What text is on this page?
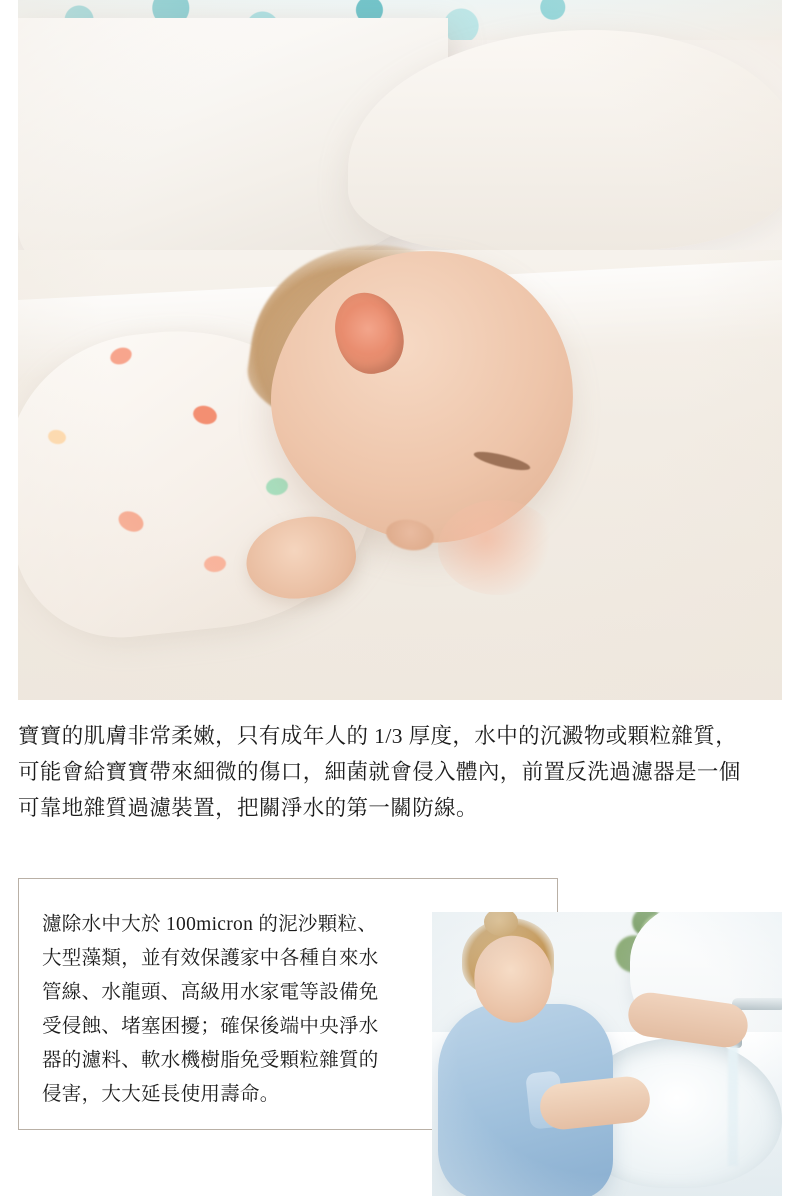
寶寶的肌膚非常柔嫩，只有成年人的 1/3 厚度，水中的沉澱物或顆粒雜質，

可能會給寶寶帶來細微的傷口，細菌就會侵入體內，前置反洗過濾器是一個

可靠地雜質過濾裝置，把關淨水的第一關防線。

濾除水中大於 100micron 的泥沙顆粒、

大型藻類，並有效保護家中各種自來水

管線、水龍頭、高級用水家電等設備免

受侵蝕、堵塞困擾；確保後端中央淨水

器的濾料、軟水機樹脂免受顆粒雜質的

侵害，大大延長使用壽命。
